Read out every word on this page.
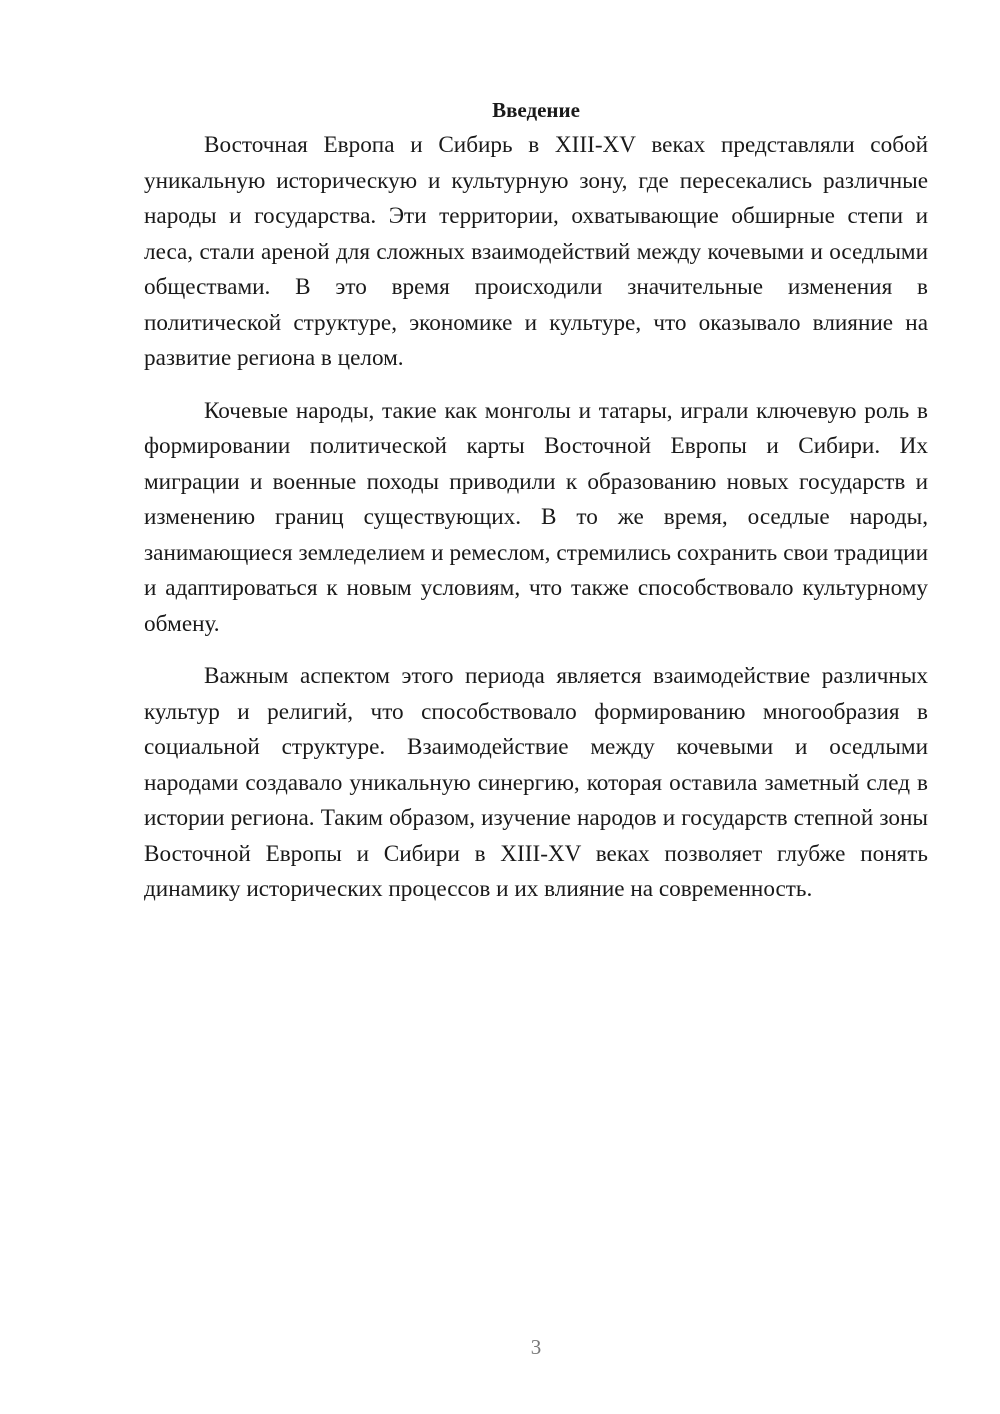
Введение

Восточная Европа и Сибирь в XIII-XV веках представляли собой уникальную историческую и культурную зону, где пересекались различные народы и государства. Эти территории, охватывающие обширные степи и леса, стали ареной для сложных взаимодействий между кочевыми и оседлыми обществами. В это время происходили значительные изменения в политической структуре, экономике и культуре, что оказывало влияние на развитие региона в целом.

Кочевые народы, такие как монголы и татары, играли ключевую роль в формировании политической карты Восточной Европы и Сибири. Их миграции и военные походы приводили к образованию новых государств и изменению границ существующих. В то же время, оседлые народы, занимающиеся земледелием и ремеслом, стремились сохранить свои традиции и адаптироваться к новым условиям, что также способствовало культурному обмену.

Важным аспектом этого периода является взаимодействие различных культур и религий, что способствовало формированию многообразия в социальной структуре. Взаимодействие между кочевыми и оседлыми народами создавало уникальную синергию, которая оставила заметный след в истории региона. Таким образом, изучение народов и государств степной зоны Восточной Европы и Сибири в XIII-XV веках позволяет глубже понять динамику исторических процессов и их влияние на современность.

3
